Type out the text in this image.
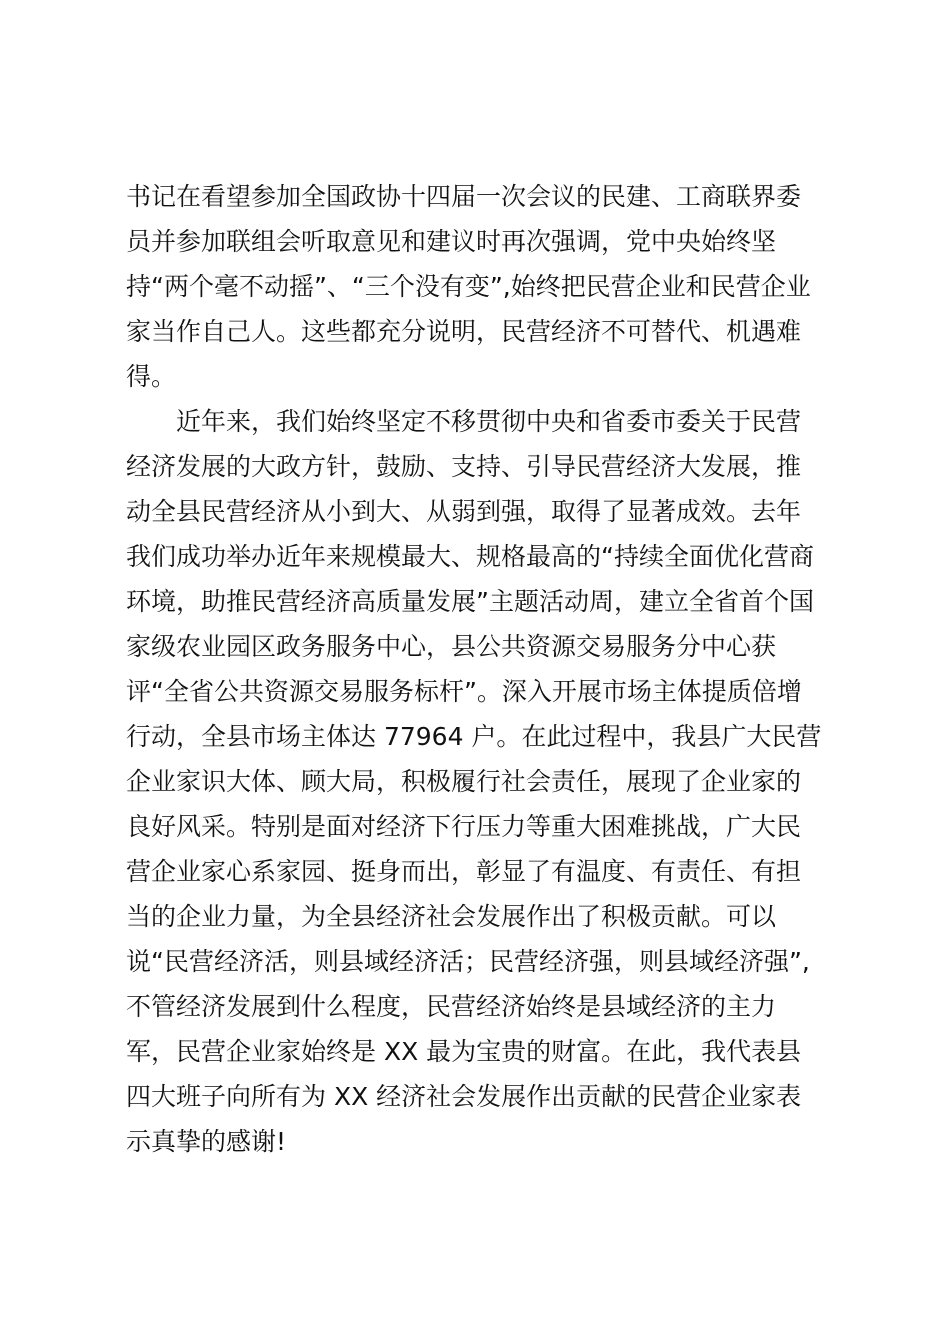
书记在看望参加全国政协十四届一次会议的民建、工商联界委
员并参加联组会听取意见和建议时再次强调，党中央始终坚
持“两个毫不动摇”、“三个没有变”,始终把民营企业和民营企业
家当作自己人。这些都充分说明，民营经济不可替代、机遇难
得。
近年来，我们始终坚定不移贯彻中央和省委市委关于民营
经济发展的大政方针，鼓励、支持、引导民营经济大发展，推
动全县民营经济从小到大、从弱到强，取得了显著成效。去年
我们成功举办近年来规模最大、规格最高的“持续全面优化营商
环境，助推民营经济高质量发展”主题活动周，建立全省首个国
家级农业园区政务服务中心，县公共资源交易服务分中心获
评“全省公共资源交易服务标杆”。深入开展市场主体提质倍增
行动，全县市场主体达 77964 户。在此过程中，我县广大民营
企业家识大体、顾大局，积极履行社会责任，展现了企业家的
良好风采。特别是面对经济下行压力等重大困难挑战，广大民
营企业家心系家园、挺身而出，彰显了有温度、有责任、有担
当的企业力量，为全县经济社会发展作出了积极贡献。可以
说“民营经济活，则县域经济活；民营经济强，则县域经济强”,
不管经济发展到什么程度，民营经济始终是县域经济的主力
军，民营企业家始终是 XX 最为宝贵的财富。在此，我代表县
四大班子向所有为 XX 经济社会发展作出贡献的民营企业家表
示真挚的感谢!
